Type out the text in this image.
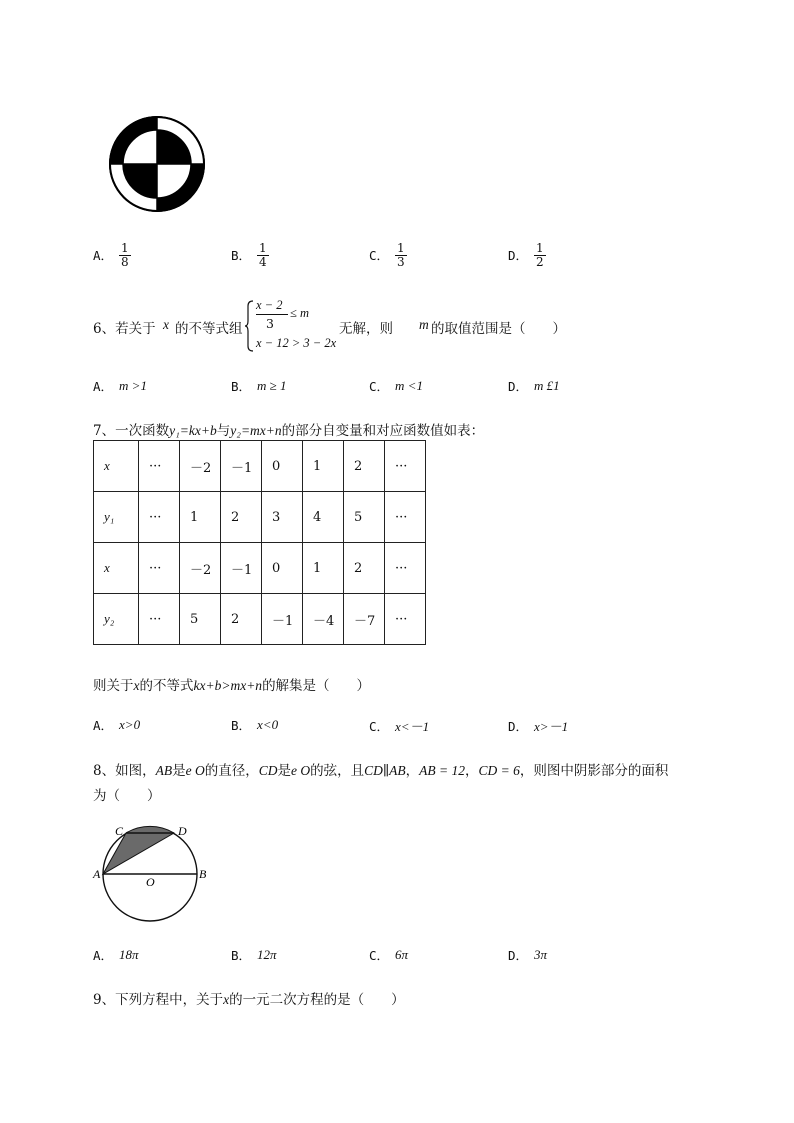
A． $\frac{1}{8}$	B． $\frac{1}{4}$	C． $\frac{1}{3}$	D． $\frac{1}{2}$
6、若关于 x 的不等式组
x − 2
3
≤ m
x − 12 > 3 − 2x
无解，则 m 的取值范围是（　　）
A． m >1	B． m ≥ 1	C． m <1	D． m £1
7、一次函数y₁=kx+b与y₂=mx+n的部分自变量和对应函数值如表：
x	···	－2	－1	0	1	2	···
y₁	···	1	2	3	4	5	···
x	···	－2	－1	0	1	2	···
y₂	···	5	2	－1	－4	－7	···
则关于x的不等式kx+b>mx+n的解集是（　　）
A． x>0	B． x<0	C． x<－1	D． x>－1
8、如图，AB是e O的直径，CD是e O的弦，且CD∥AB，AB = 12，CD = 6，则图中阴影部分的面积
为（　　）
A	B
C	D
O
A． 18π	B． 12π	C． 6π	D． 3π
9、下列方程中，关于x的一元二次方程的是（　　）
